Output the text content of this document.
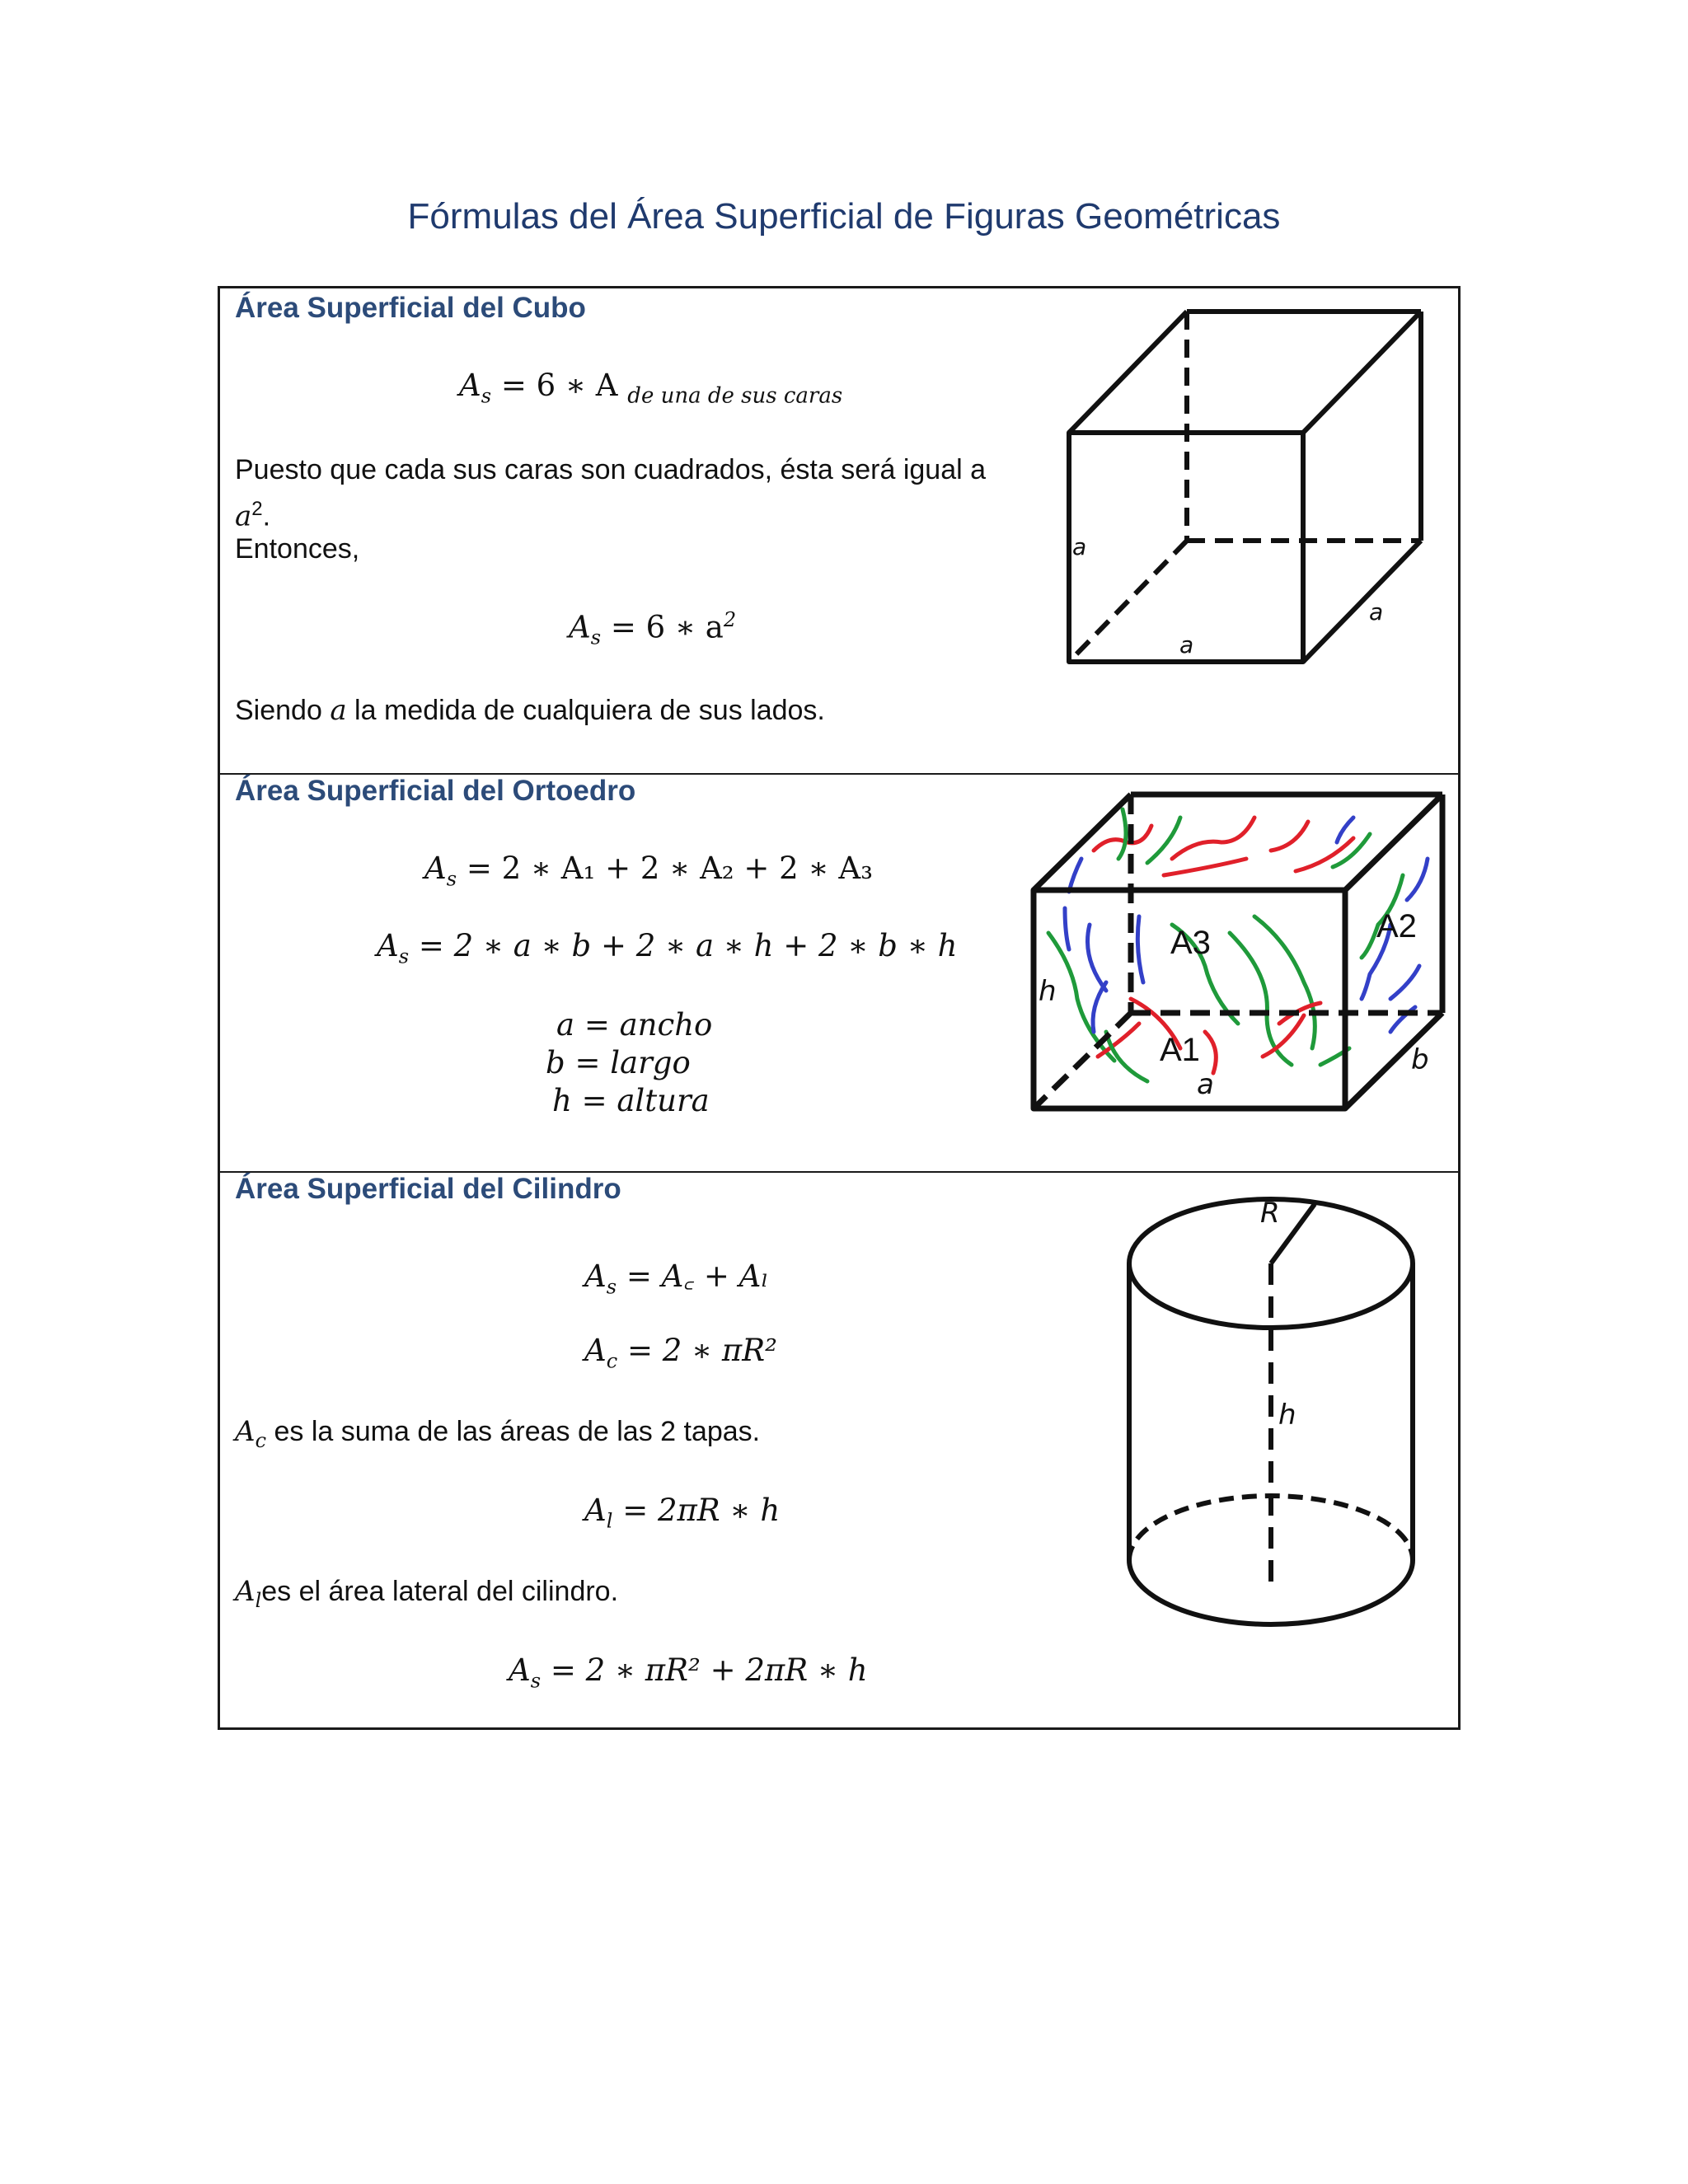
Fórmulas del Área Superficial de Figuras Geométricas
Área Superficial del Cubo
$A_s = 6$ ∗ A $_{de una de sus caras}$
Puesto que cada sus caras son cuadrados, ésta será igual a
$a^2$.
Entonces,
$A_s = 6$ ∗ $a^2$
Siendo a la medida de cualquiera de sus lados.
a
a
a
Área Superficial del Ortoedro
$A_s = 2$ ∗ A₁ + 2 ∗ A₂ + 2 ∗ A₃
$A_s = 2$ ∗ a ∗ b + 2 ∗ a ∗ h + 2 ∗ b ∗ h
a = ancho
b = largo
h = altura
A3	A2
A1
h
a
b
Área Superficial del Cilindro
$A_s$ = A꜀ + Aₗ
$A_c = 2$ ∗ πR²
$A_c$ es la suma de las áreas de las 2 tapas.
$A_l = 2\pi R$ ∗ h
$A_les$ el área lateral del cilindro.
$A_s = 2$ ∗ πR² + 2πR ∗ h
R
h
